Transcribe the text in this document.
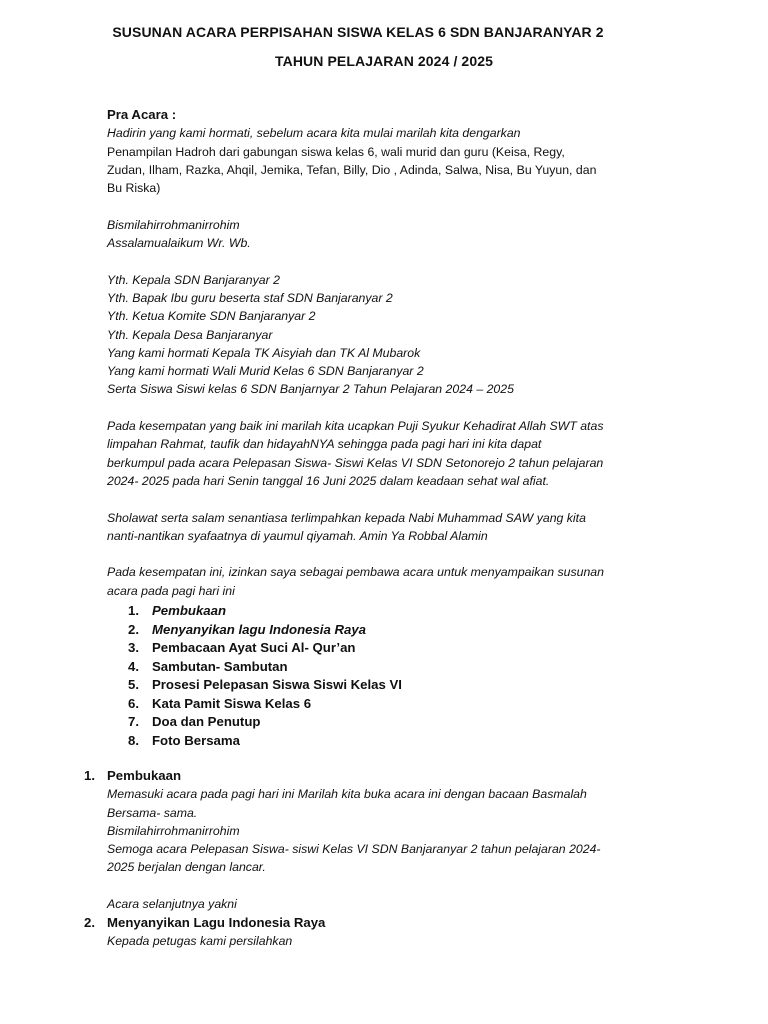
SUSUNAN ACARA PERPISAHAN SISWA KELAS 6 SDN BANJARANYAR 2
TAHUN PELAJARAN 2024 / 2025
Pra Acara :
Hadirin yang kami hormati, sebelum acara kita mulai marilah kita dengarkan
Penampilan Hadroh dari gabungan siswa kelas 6, wali murid dan guru (Keisa, Regy,
Zudan, Ilham, Razka, Ahqil, Jemika, Tefan, Billy, Dio , Adinda, Salwa, Nisa, Bu Yuyun, dan
Bu Riska)
Bismilahirrohmanirrohim
Assalamualaikum Wr. Wb.
Yth. Kepala SDN Banjaranyar 2
Yth. Bapak Ibu guru beserta staf SDN Banjaranyar 2
Yth. Ketua Komite SDN Banjaranyar 2
Yth. Kepala Desa Banjaranyar
Yang kami hormati Kepala TK Aisyiah dan TK Al Mubarok
Yang kami hormati Wali Murid Kelas 6 SDN Banjaranyar 2
Serta Siswa Siswi kelas 6 SDN Banjarnyar 2 Tahun Pelajaran 2024 – 2025
Pada kesempatan yang baik ini marilah kita ucapkan Puji Syukur Kehadirat Allah SWT atas
limpahan Rahmat, taufik dan hidayahNYA sehingga pada pagi hari ini kita dapat
berkumpul pada acara Pelepasan Siswa- Siswi Kelas VI SDN Setonorejo 2 tahun pelajaran
2024- 2025 pada hari Senin tanggal 16 Juni 2025 dalam keadaan sehat wal afiat.
Sholawat serta salam senantiasa terlimpahkan kepada Nabi Muhammad SAW yang kita
nanti-nantikan syafaatnya di yaumul qiyamah. Amin Ya Robbal Alamin
Pada kesempatan ini, izinkan saya sebagai pembawa acara untuk menyampaikan susunan
acara pada pagi hari ini
1. Pembukaan
2. Menyanyikan lagu Indonesia Raya
3. Pembacaan Ayat Suci Al- Qur’an
4. Sambutan- Sambutan
5. Prosesi Pelepasan Siswa Siswi Kelas VI
6. Kata Pamit Siswa Kelas 6
7. Doa dan Penutup
8. Foto Bersama
1. Pembukaan
Memasuki acara pada pagi hari ini Marilah kita buka acara ini dengan bacaan Basmalah
Bersama- sama.
Bismilahirrohmanirrohim
Semoga acara Pelepasan Siswa- siswi Kelas VI SDN Banjaranyar 2 tahun pelajaran 2024-
2025 berjalan dengan lancar.
Acara selanjutnya yakni
2. Menyanyikan Lagu Indonesia Raya
Kepada petugas kami persilahkan
